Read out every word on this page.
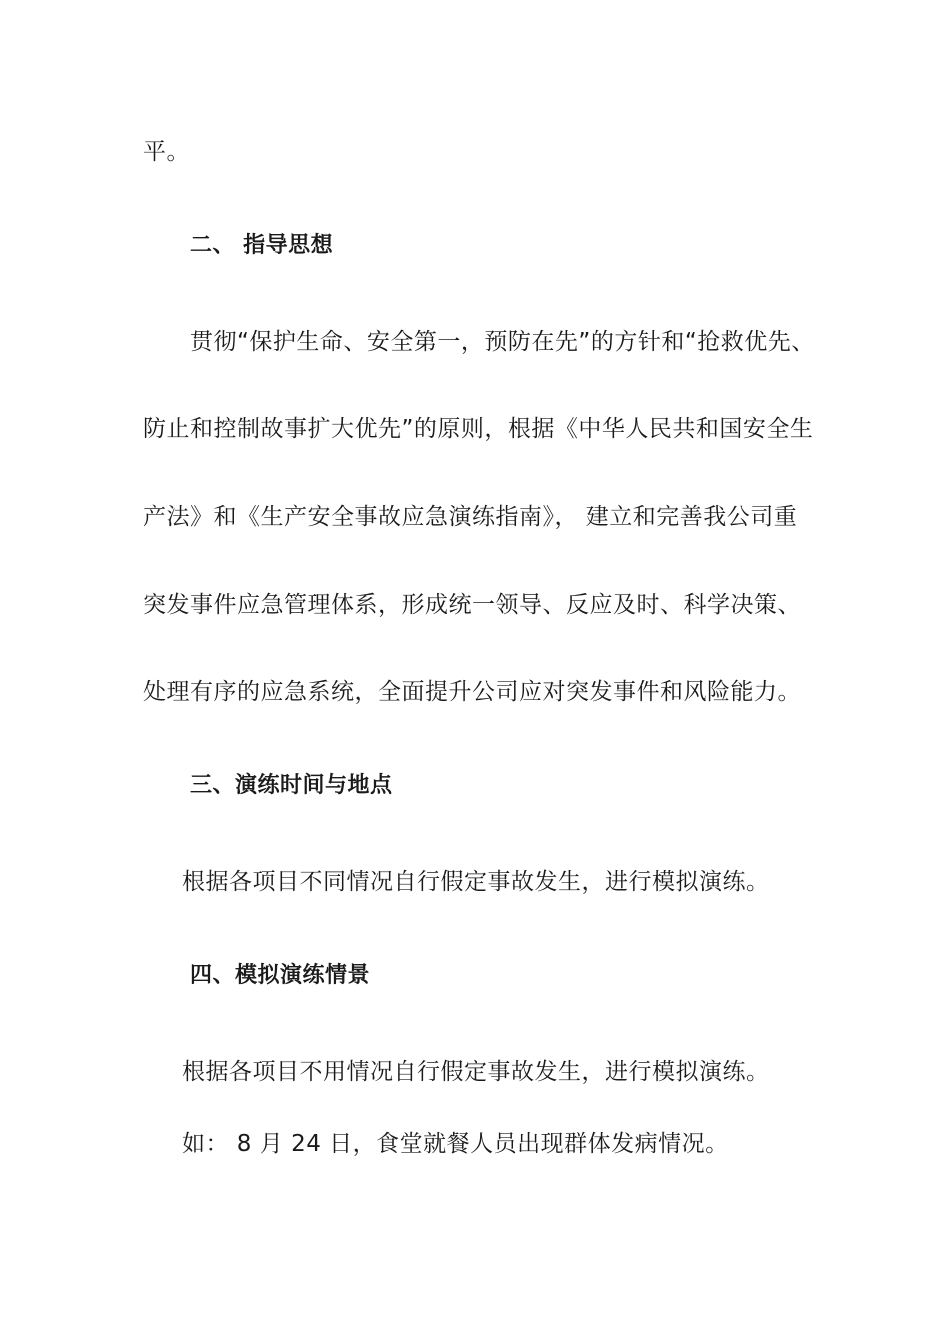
平。
二、 指导思想
贯彻“保护生命、安全第一，预防在先”的方针和“抢救优先、
防止和控制故事扩大优先”的原则，根据《中华人民共和国安全生
产法》和《生产安全事故应急演练指南》， 建立和完善我公司重
突发事件应急管理体系，形成统一领导、反应及时、科学决策、
处理有序的应急系统，全面提升公司应对突发事件和风险能力。
三、演练时间与地点
根据各项目不同情况自行假定事故发生，进行模拟演练。
四、模拟演练情景
根据各项目不用情况自行假定事故发生，进行模拟演练。
如： 8 月 24 日，食堂就餐人员出现群体发病情况。
